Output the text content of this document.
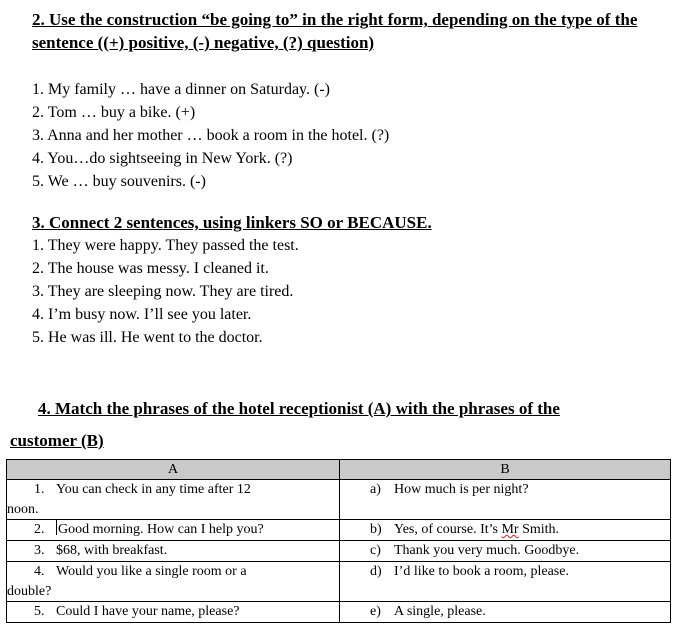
2. Use the construction “be going to” in the right form, depending on the type of the sentence ((+) positive, (-) negative, (?) question)
1. My family … have a dinner on Saturday. (-)
2. Tom … buy a bike. (+)
3. Anna and her mother … book a room in the hotel. (?)
4. You…do sightseeing in New York. (?)
5. We … buy souvenirs. (-)
3. Connect 2 sentences, using linkers SO or BECAUSE.
1. They were happy. They passed the test.
2. The house was messy. I cleaned it.
3. They are sleeping now. They are tired.
4. I’m busy now. I’ll see you later.
5. He was ill. He went to the doctor.
4. Match the phrases of the hotel receptionist (A) with the phrases of the
customer (B)
A	B

1. You can check in any time after 12
noon.	a) How much is per night?

2. Good morning. How can I help you?	b) Yes, of course. It’s Mr Smith.

3. $68, with breakfast.	c) Thank you very much. Goodbye.

4. Would you like a single room or a
double?	d) I’d like to book a room, please.

5. Could I have your name, please?	e) A single, please.
